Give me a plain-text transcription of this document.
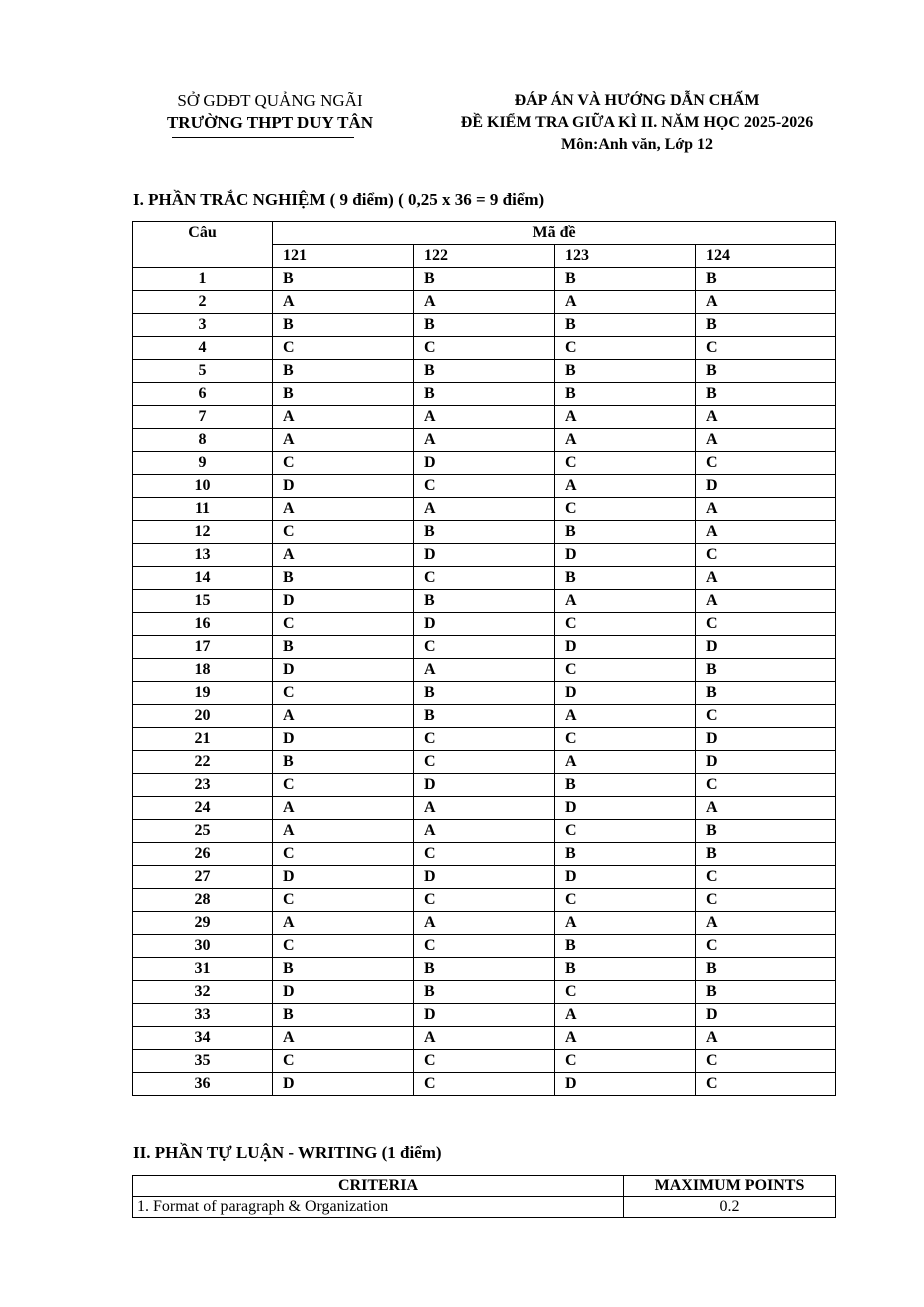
SỞ GDĐT QUẢNG NGÃI
TRƯỜNG THPT DUY TÂN
ĐÁP ÁN VÀ HƯỚNG DẪN CHẤM
ĐỀ KIỂM TRA GIỮA KÌ II. NĂM HỌC 2025-2026
Môn:Anh văn, Lớp 12
I. PHẦN TRẮC NGHIỆM ( 9 điểm) ( 0,25 x 36 = 9 điểm)
Câu	Mã đề			
	121	122	123	124
1	B	B	B	B
2	A	A	A	A
3	B	B	B	B
4	C	C	C	C
5	B	B	B	B
6	B	B	B	B
7	A	A	A	A
8	A	A	A	A
9	C	D	C	C
10	D	C	A	D
11	A	A	C	A
12	C	B	B	A
13	A	D	D	C
14	B	C	B	A
15	D	B	A	A
16	C	D	C	C
17	B	C	D	D
18	D	A	C	B
19	C	B	D	B
20	A	B	A	C
21	D	C	C	D
22	B	C	A	D
23	C	D	B	C
24	A	A	D	A
25	A	A	C	B
26	C	C	B	B
27	D	D	D	C
28	C	C	C	C
29	A	A	A	A
30	C	C	B	C
31	B	B	B	B
32	D	B	C	B
33	B	D	A	D
34	A	A	A	A
35	C	C	C	C
36	D	C	D	C
II. PHẦN TỰ LUẬN - WRITING (1 điểm)
CRITERIA	MAXIMUM POINTS
1. Format of paragraph & Organization	0.2
